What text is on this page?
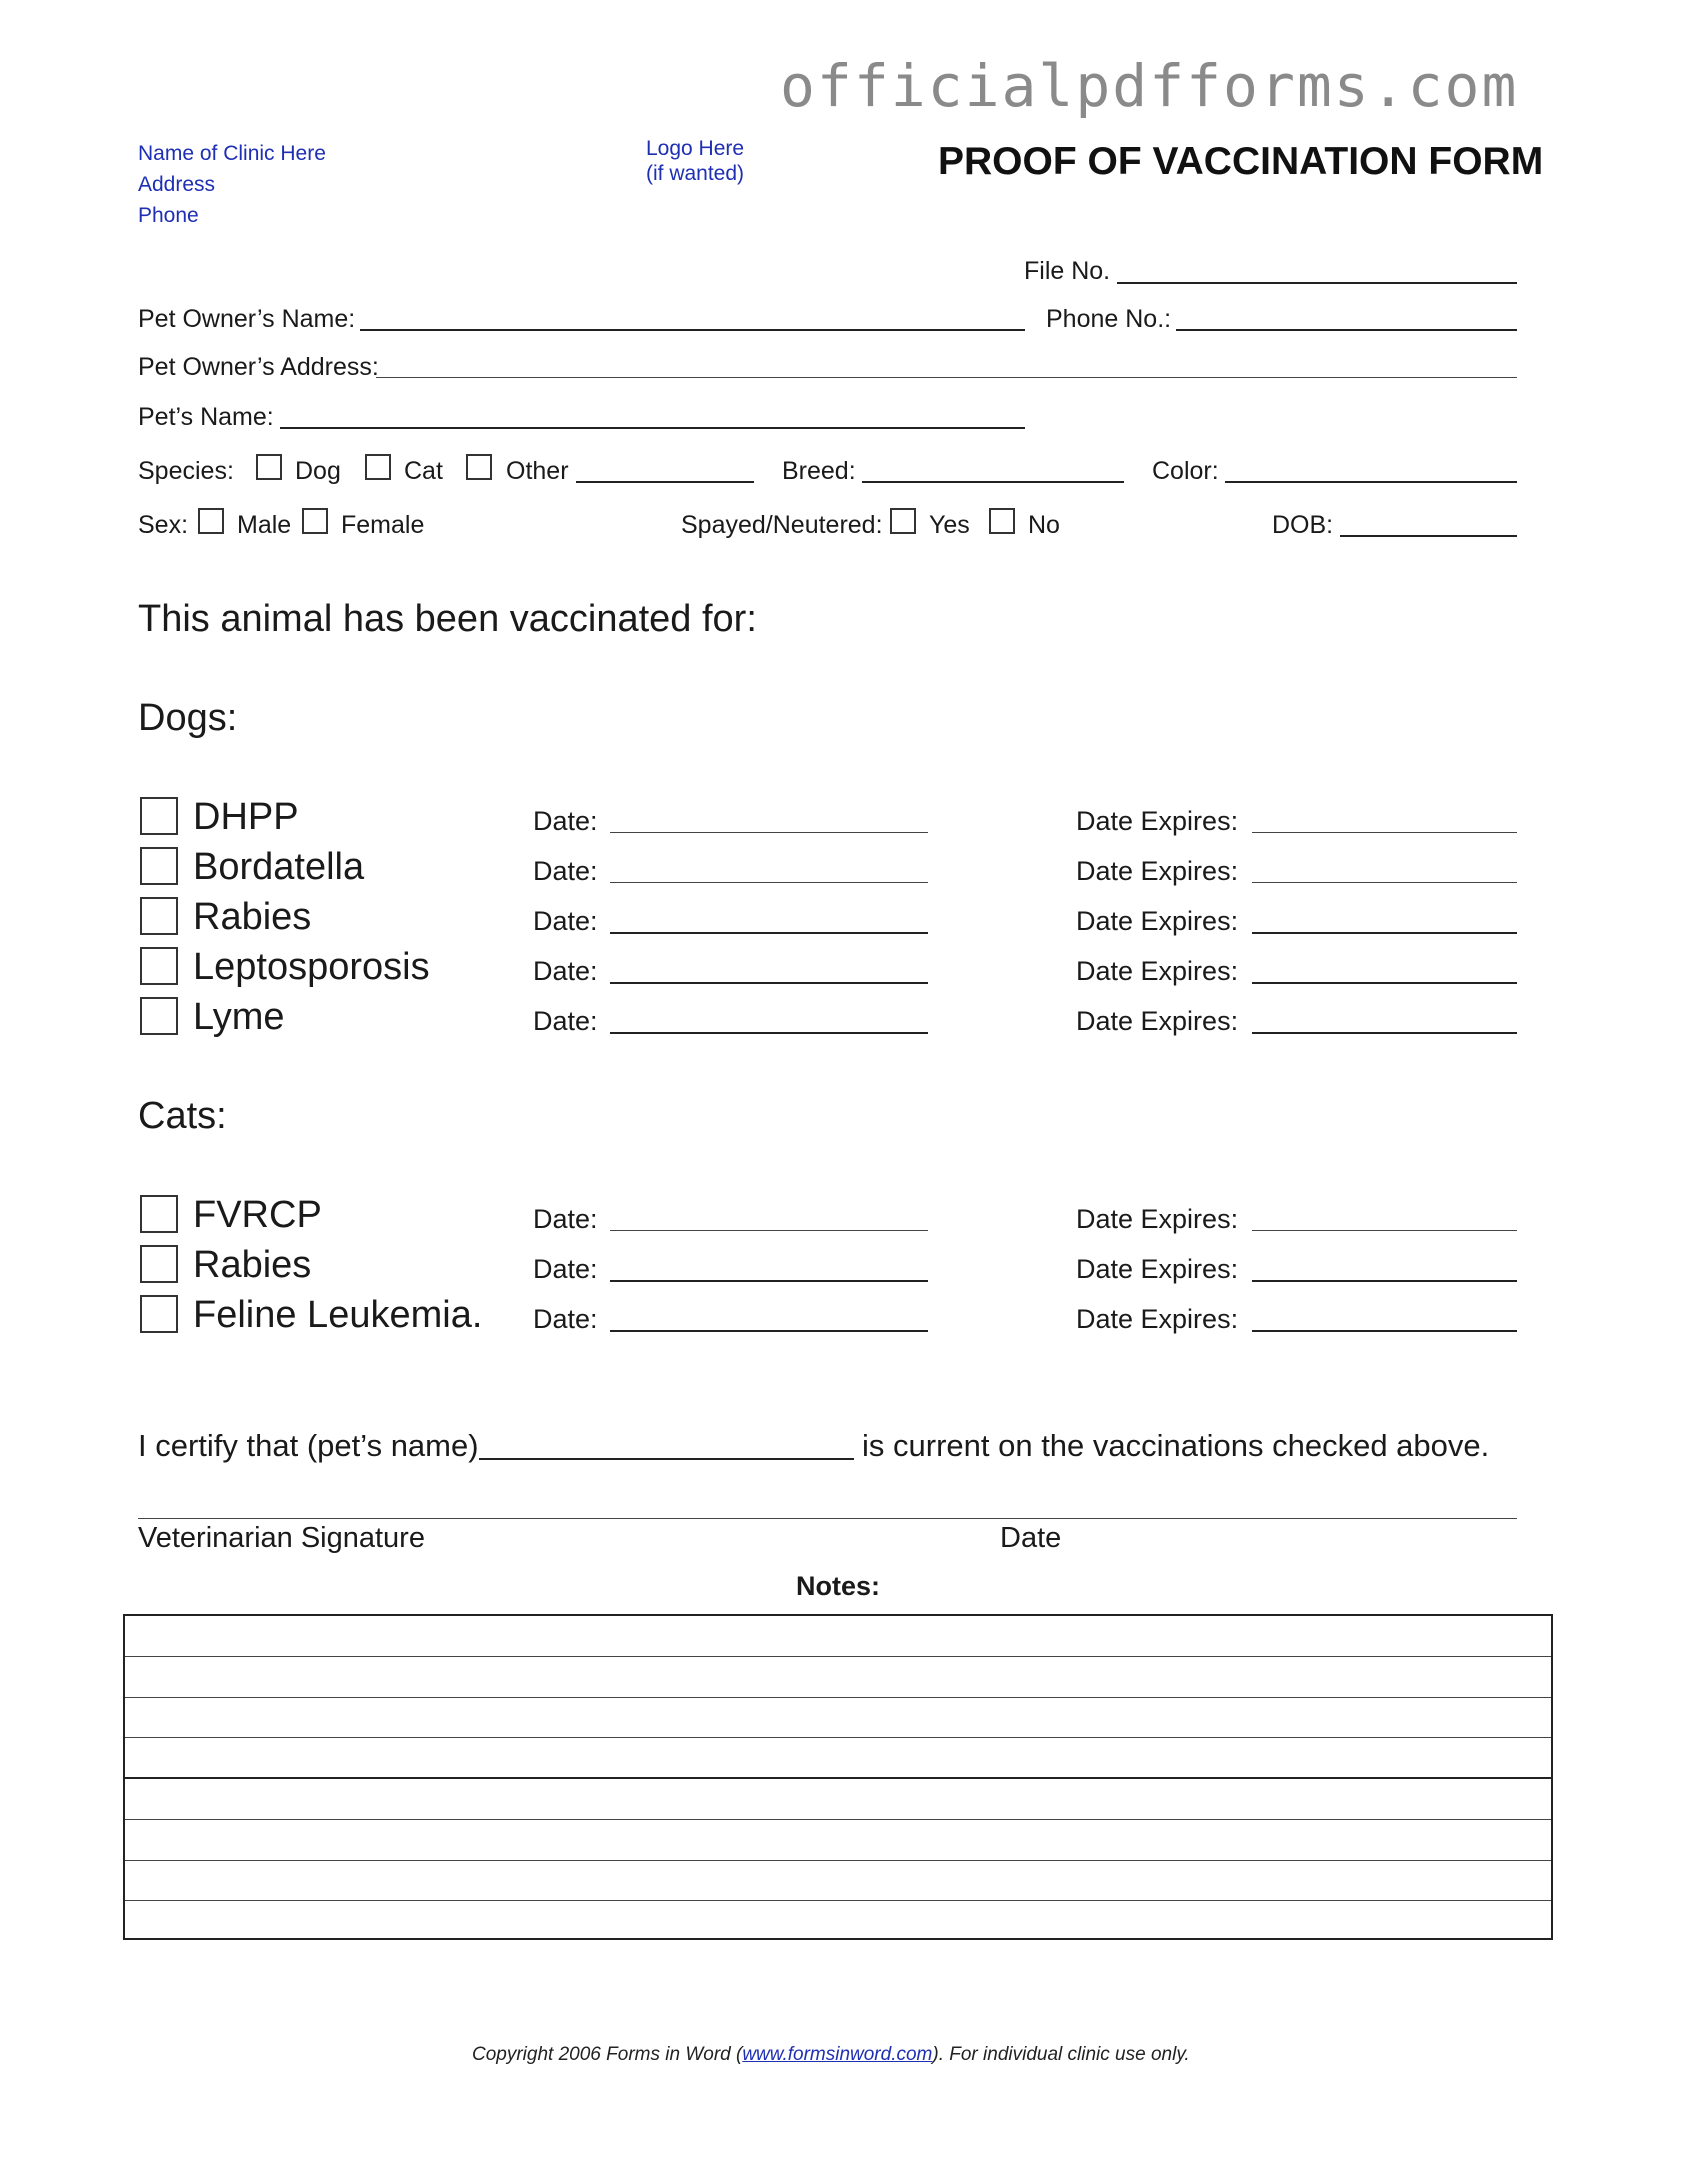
officialpdfforms.com
Name of Clinic Here
Address
Phone
Logo Here
(if wanted)	PROOF OF VACCINATION FORM
File No.
Pet Owner’s Name:	Phone No.:
Pet Owner’s Address:
Pet’s Name:
Species: Dog	Cat	Other	Breed:	Color:
Sex: Male Female	Spayed/Neutered: Yes No	DOB:
This animal has been vaccinated for:
Dogs:
DHPP	Date:	Date Expires:
Bordatella	Date:	Date Expires:
Rabies	Date:	Date Expires:
Leptosporosis	Date:	Date Expires:
Lyme	Date:	Date Expires:
Cats:
FVRCP	Date:	Date Expires:
Rabies	Date:	Date Expires:
Feline Leukemia. Date:	Date Expires:
I certify that (pet’s name)	is current on the vaccinations checked above.
Veterinarian Signature	Date
Notes:
Copyright 2006 Forms in Word (www.formsinword.com). For individual clinic use only.
